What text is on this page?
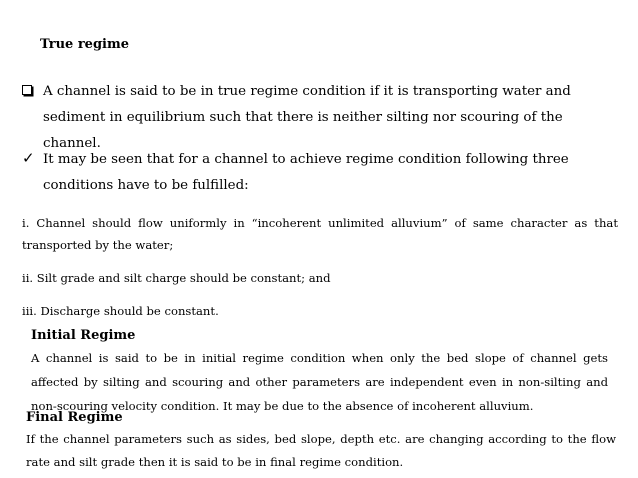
True regime
A channel is said to be in true regime condition if it is transporting water and sediment in equilibrium such that there is neither silting nor scouring of the channel.
✓ It may be seen that for a channel to achieve regime condition following three conditions have to be fulfilled:
i. Channel should flow uniformly in “incoherent unlimited alluvium” of same character as that transported by the water;
ii. Silt grade and silt charge should be constant; and
iii. Discharge should be constant.
Initial Regime
A channel is said to be in initial regime condition when only the bed slope of channel gets affected by silting and scouring and other parameters are independent even in non-silting and non-scouring velocity condition. It may be due to the absence of incoherent alluvium.
Final Regime
If the channel parameters such as sides, bed slope, depth etc. are changing according to the flow rate and silt grade then it is said to be in final regime condition.
